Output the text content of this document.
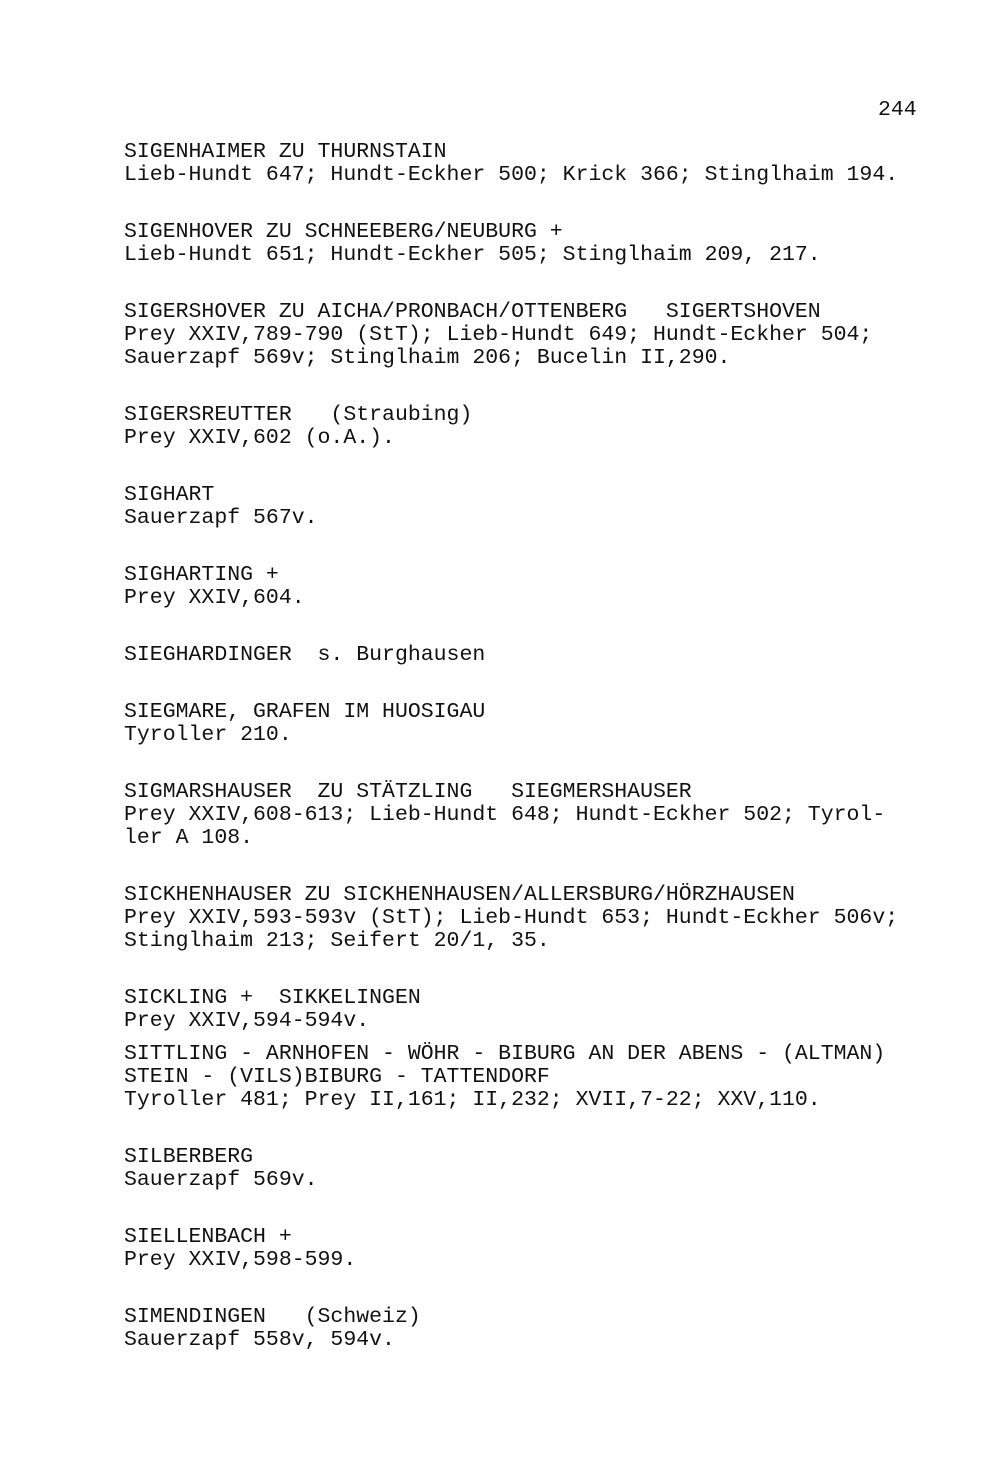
244
SIGENHAIMER ZU THURNSTAIN
Lieb-Hundt 647; Hundt-Eckher 500; Krick 366; Stinglhaim 194.
SIGENHOVER ZU SCHNEEBERG/NEUBURG +
Lieb-Hundt 651; Hundt-Eckher 505; Stinglhaim 209, 217.
SIGERSHOVER ZU AICHA/PRONBACH/OTTENBERG   SIGERTSHOVEN
Prey XXIV,789-790 (StT); Lieb-Hundt 649; Hundt-Eckher 504;
Sauerzapf 569v; Stinglhaim 206; Bucelin II,290.
SIGERSREUTTER   (Straubing)
Prey XXIV,602 (o.A.).
SIGHART
Sauerzapf 567v.
SIGHARTING +
Prey XXIV,604.
SIEGHARDINGER  s. Burghausen
SIEGMARE, GRAFEN IM HUOSIGAU
Tyroller 210.
SIGMARSHAUSER  ZU STÄTZLING   SIEGMERSHAUSER
Prey XXIV,608-613; Lieb-Hundt 648; Hundt-Eckher 502; Tyrol-
ler A 108.
SICKHENHAUSER ZU SICKHENHAUSEN/ALLERSBURG/HÖRZHAUSEN
Prey XXIV,593-593v (StT); Lieb-Hundt 653; Hundt-Eckher 506v;
Stinglhaim 213; Seifert 20/1, 35.
SICKLING +  SIKKELINGEN
Prey XXIV,594-594v.
SITTLING - ARNHOFEN - WÖHR - BIBURG AN DER ABENS - (ALTMAN)
STEIN - (VILS)BIBURG - TATTENDORF
Tyroller 481; Prey II,161; II,232; XVII,7-22; XXV,110.
SILBERBERG
Sauerzapf 569v.
SIELLENBACH +
Prey XXIV,598-599.
SIMENDINGEN   (Schweiz)
Sauerzapf 558v, 594v.
